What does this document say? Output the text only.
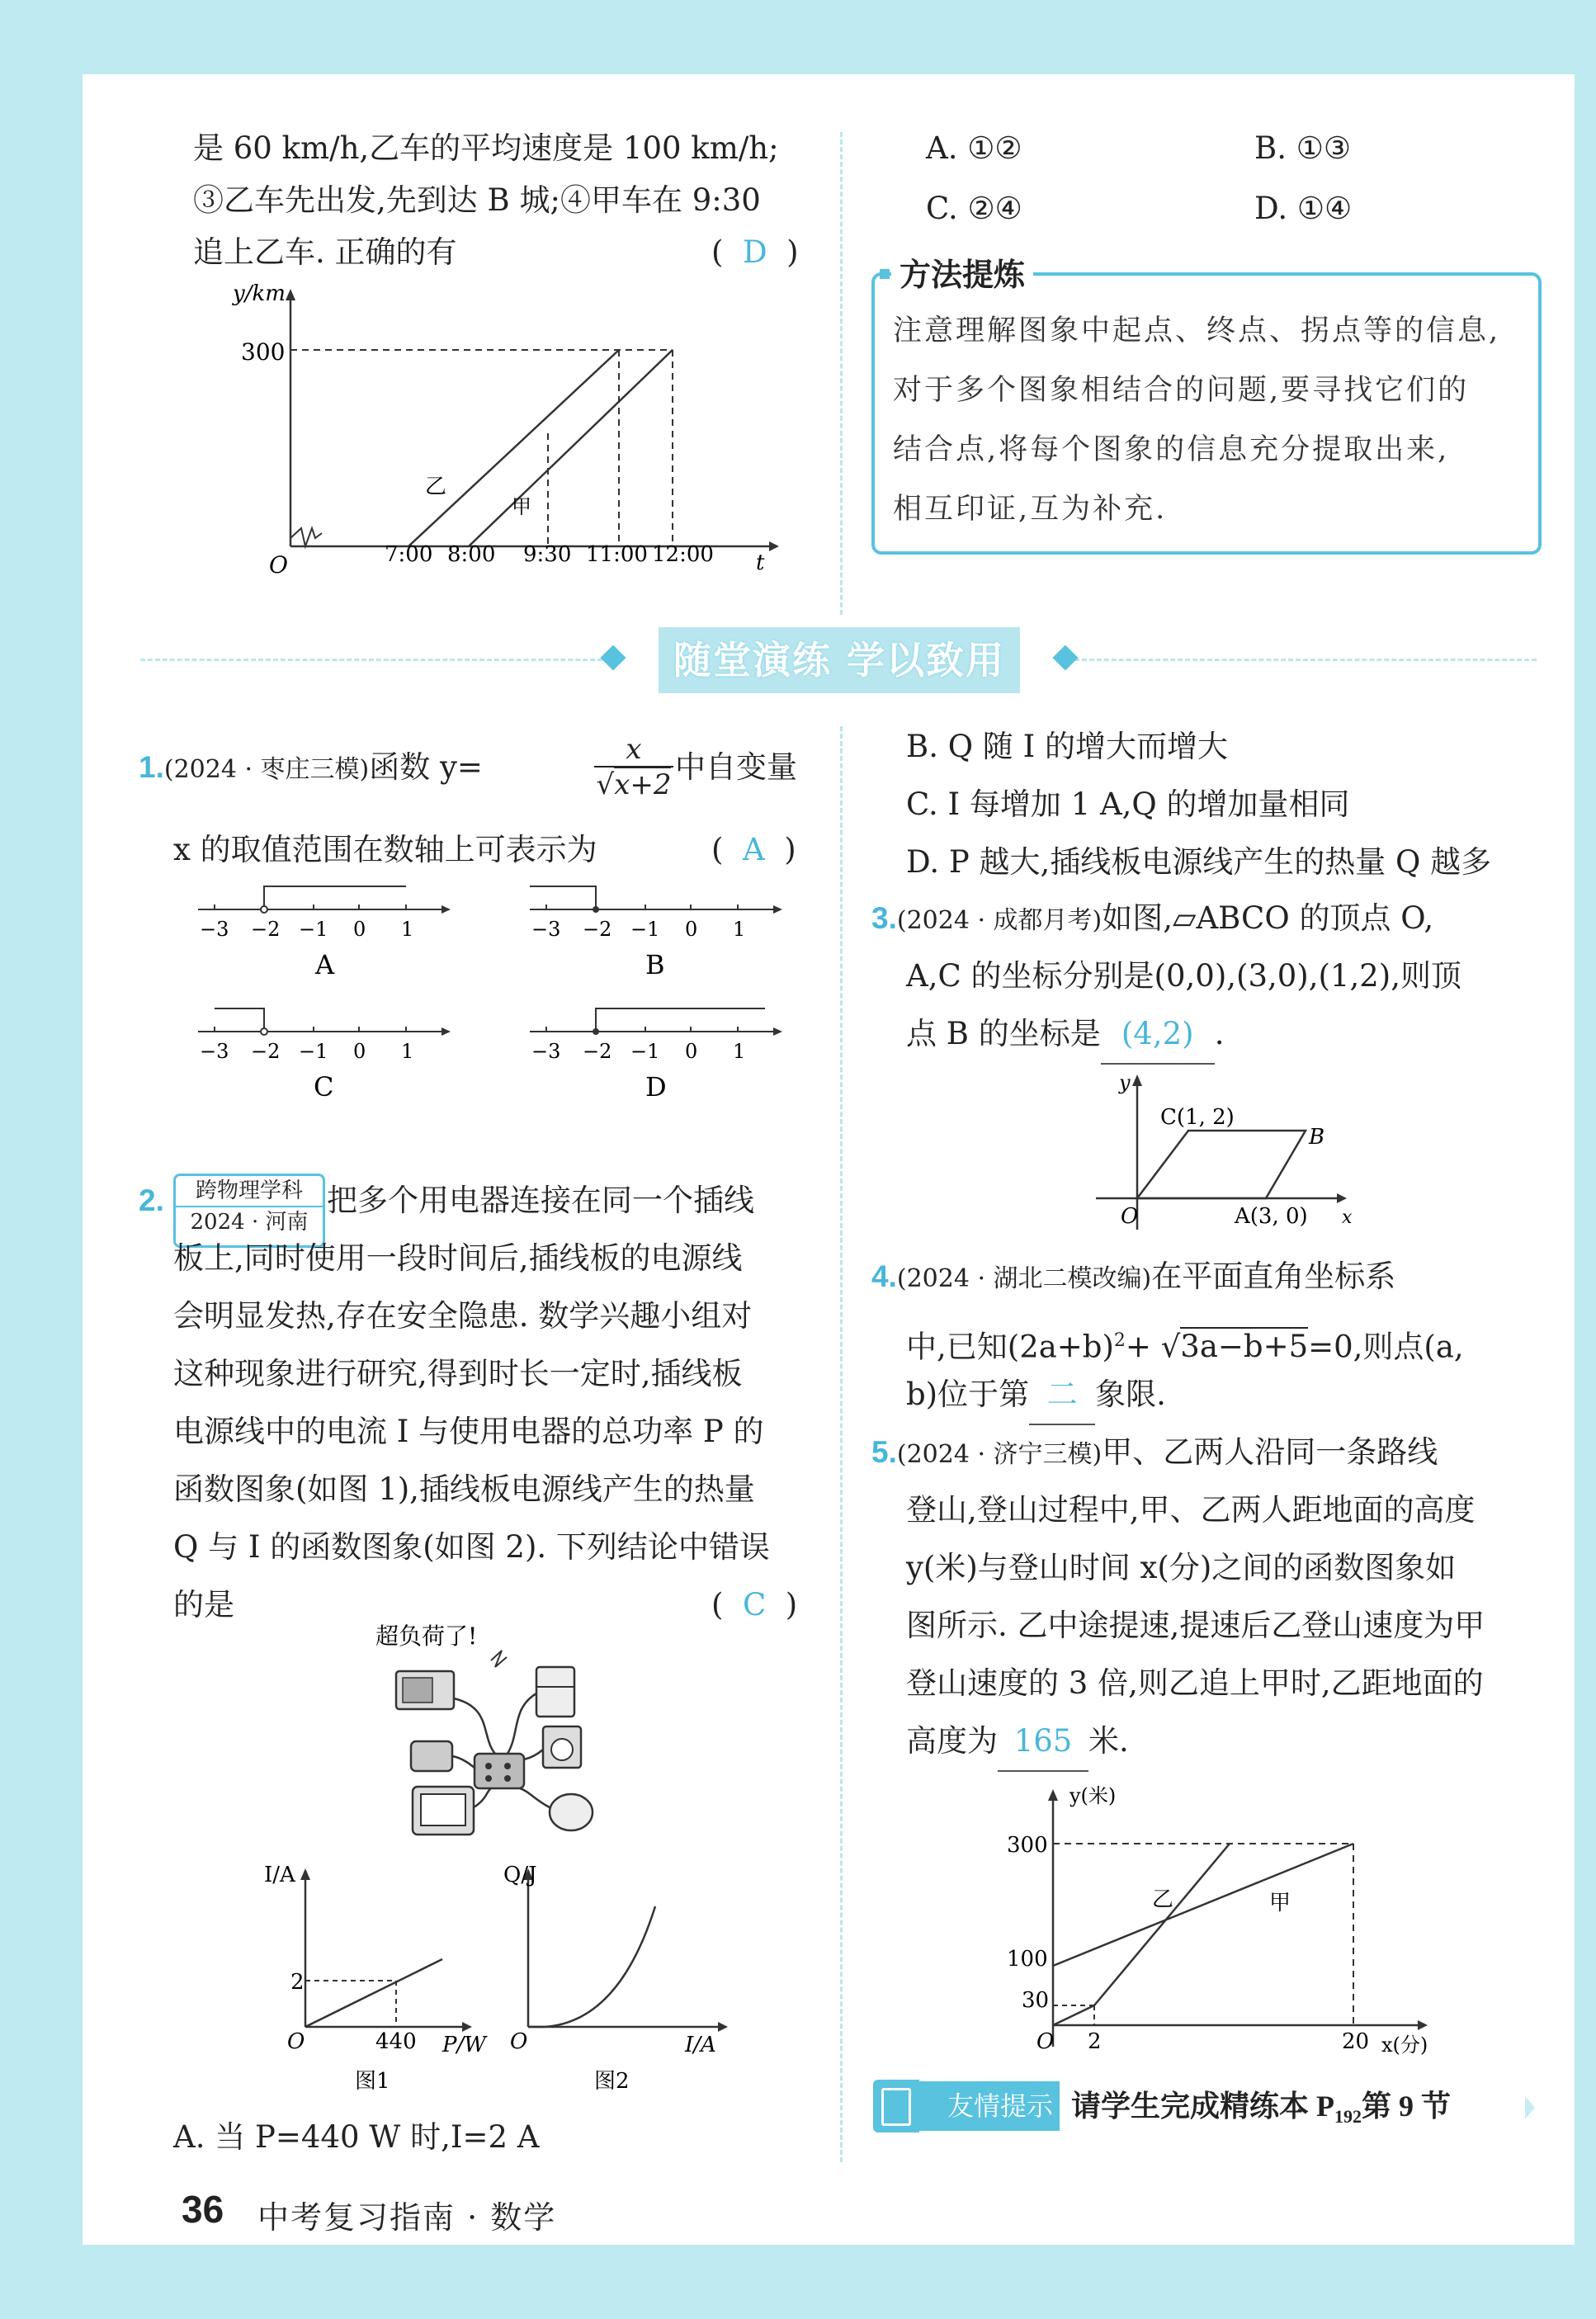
是 60 km/h,乙车的平均速度是 100 km/h;
③乙车先出发,先到达 B 城;④甲车在 9:30
追上乙车. 正确的有	( D )
y/km
300
O	t
7:00 8:00 9:30 11:00 12:00
乙
甲
A. ①②	B. ①③
C. ②④	D. ①④
方法提炼
注意理解图象中起点、终点、拐点等的信息,
对于多个图象相结合的问题,要寻找它们的
结合点,将每个图象的信息充分提取出来,
相互印证,互为补充.
随堂演练 学以致用
1.(2024 · 枣庄三模)函数 y=	x
√x+2 中自变量
x 的取值范围在数轴上可表示为	(  A  )
−3 −2 −1 0 1
A
−3 −2 −1 0 1
B
−3 −2 −1 0 1
C
−3 −2 −1 0 1
D
2.	跨物理学科
2024 · 河南
把多个用电器连接在同一个插线
板上,同时使用一段时间后,插线板的电源线
会明显发热,存在安全隐患. 数学兴趣小组对
这种现象进行研究,得到时长一定时,插线板
电源线中的电流 I 与使用电器的总功率 P 的
函数图象(如图 1),插线板电源线产生的热量
Q 与 I 的函数图象(如图 2). 下列结论中错误
的是	(  C  )
超负荷了!
I/A
2
O	440 P/W
图1
Q/J
O	I/A
图2
A. 当 P=440 W 时,I=2 A
B. Q 随 I 的增大而增大
C. I 每增加 1 A,Q 的增加量相同
D. P 越大,插线板电源线产生的热量 Q 越多
3.(2024 · 成都月考)如图,▱ABCO 的顶点 O,
A,C 的坐标分别是(0,0),(3,0),(1,2),则顶
点 B 的坐标是 (4,2) .
y
x
O
C(1, 2)
B
A(3, 0)
4.(2024 · 湖北二模改编)在平面直角坐标系
中,已知$(2a+b)^2+ √3a-b+5=0$,则点(a,
b)位于第 二 象限.
5.(2024 · 济宁三模)甲、乙两人沿同一条路线
登山,登山过程中,甲、乙两人距地面的高度
y(米)与登山时间 x(分)之间的函数图象如
图所示. 乙中途提速,提速后乙登山速度为甲
登山速度的 3 倍,则乙追上甲时,乙距地面的
高度为 165 米.
y(米)
300
100
30
O 2	20 x(分)
乙	甲
友情提示 请学生完成精练本 $P_{192}$第 9 节
36 中考复习指南 · 数学
